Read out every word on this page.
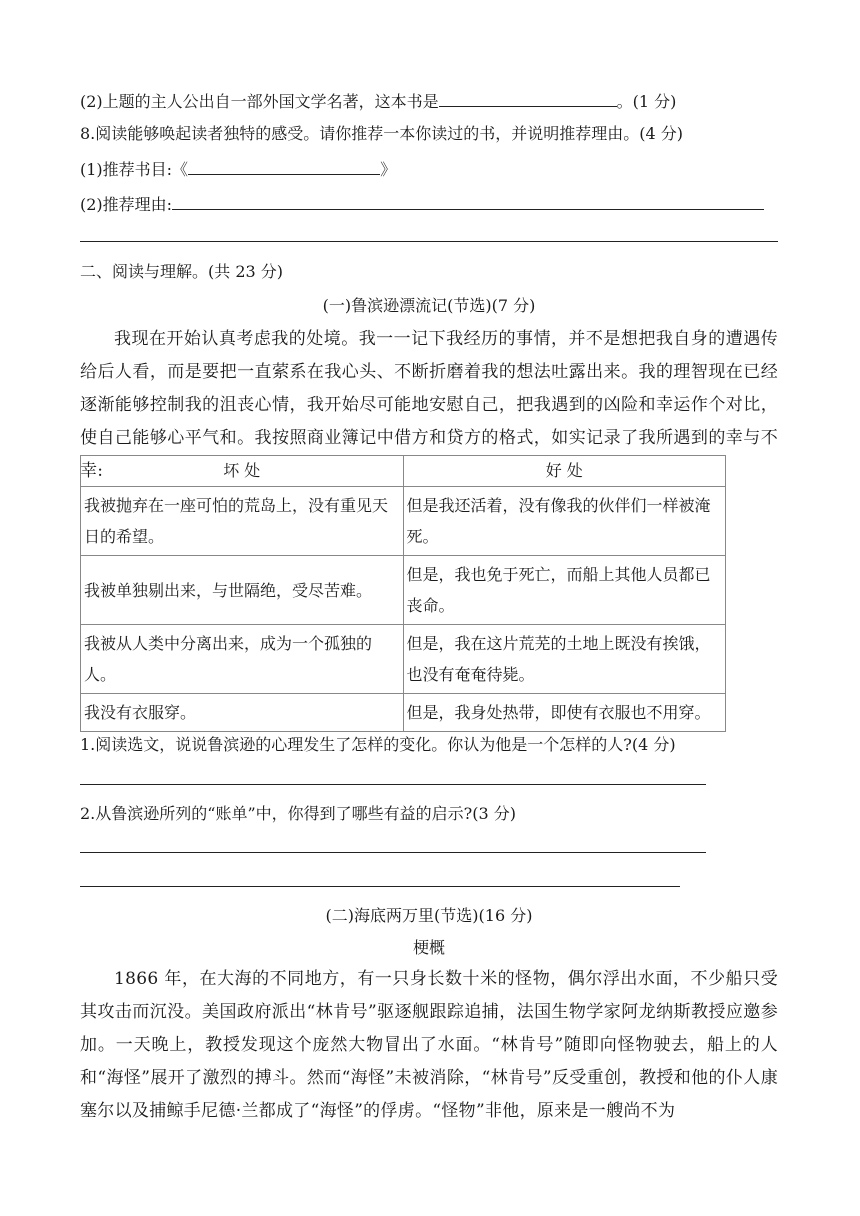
(2)上题的主人公出自一部外国文学名著，这本书是	。(1 分)
8.阅读能够唤起读者独特的感受。请你推荐一本你读过的书，并说明推荐理由。(4 分)
(1)推荐书目:《	》
(2)推荐理由:
二、阅读与理解。(共 23 分)
(一)鲁滨逊漂流记(节选)(7 分)
我现在开始认真考虑我的处境。我一一记下我经历的事情，并不是想把我自身的遭遇传给后人看，而是要把一直萦系在我心头、不断折磨着我的想法吐露出来。我的理智现在已经逐渐能够控制我的沮丧心情，我开始尽可能地安慰自己，把我遇到的凶险和幸运作个对比，使自己能够心平气和。我按照商业簿记中借方和贷方的格式，如实记录了我所遇到的幸与不幸:	坏 处	好 处
我被抛弃在一座可怕的荒岛上，没有重见天日的希望。	但是我还活着，没有像我的伙伴们一样被淹死。
我被单独剔出来，与世隔绝，受尽苦难。	但是，我也免于死亡，而船上其他人员都已丧命。
我被从人类中分离出来，成为一个孤独的人。	但是，我在这片荒芜的土地上既没有挨饿，也没有奄奄待毙。
我没有衣服穿。	但是，我身处热带，即使有衣服也不用穿。
1.阅读选文，说说鲁滨逊的心理发生了怎样的变化。你认为他是一个怎样的人?(4 分)
2.从鲁滨逊所列的“账单”中，你得到了哪些有益的启示?(3 分)
(二)海底两万里(节选)(16 分)
梗概
1866 年，在大海的不同地方，有一只身长数十米的怪物，偶尔浮出水面，不少船只受其攻击而沉没。美国政府派出“林肯号”驱逐舰跟踪追捕，法国生物学家阿龙纳斯教授应邀参加。一天晚上，教授发现这个庞然大物冒出了水面。“林肯号”随即向怪物驶去，船上的人和“海怪”展开了激烈的搏斗。然而“海怪”未被消除，“林肯号”反受重创，教授和他的仆人康塞尔以及捕鲸手尼德·兰都成了“海怪”的俘虏。“怪物”非他，原来是一艘尚不为
